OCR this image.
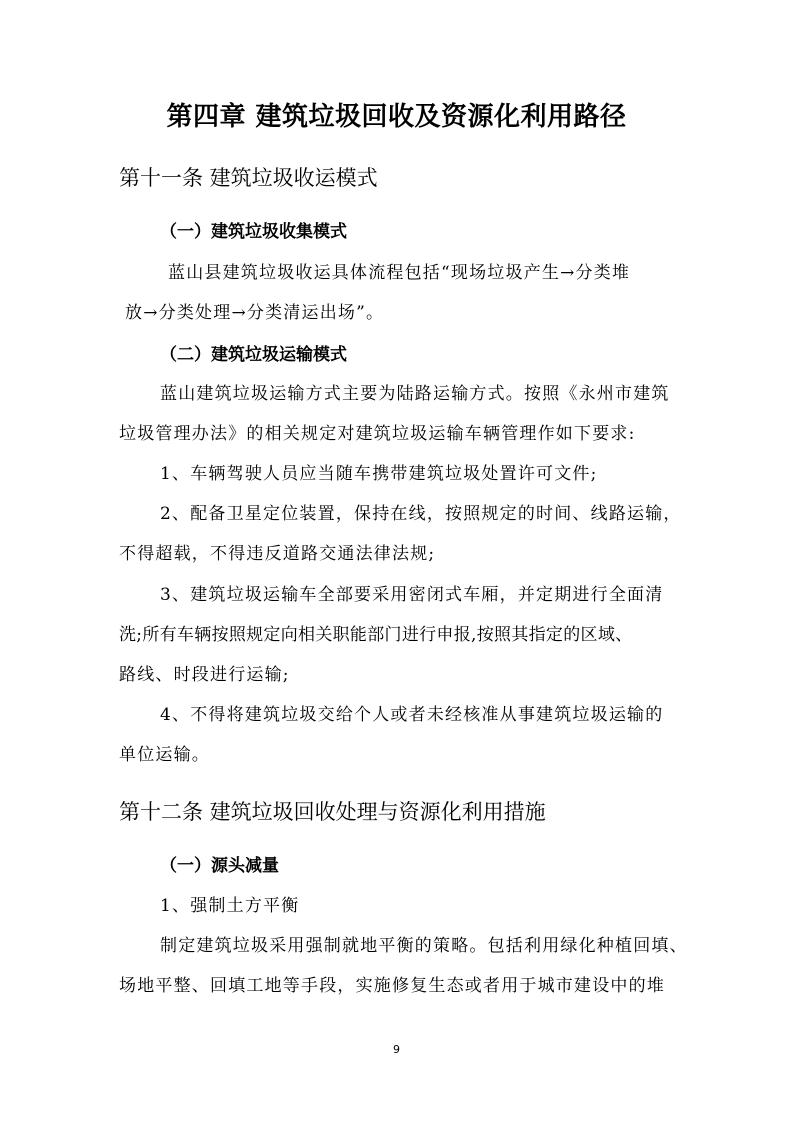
第四章 建筑垃圾回收及资源化利用路径
第十一条 建筑垃圾收运模式
（一）建筑垃圾收集模式
蓝山县建筑垃圾收运具体流程包括“现场垃圾产生→分类堆
放→分类处理→分类清运出场”。
（二）建筑垃圾运输模式
蓝山建筑垃圾运输方式主要为陆路运输方式。按照《永州市建筑
垃圾管理办法》的相关规定对建筑垃圾运输车辆管理作如下要求:
1、车辆驾驶人员应当随车携带建筑垃圾处置许可文件;
2、配备卫星定位装置，保持在线，按照规定的时间、线路运输，
不得超载，不得违反道路交通法律法规;
3、建筑垃圾运输车全部要采用密闭式车厢，并定期进行全面清
洗;所有车辆按照规定向相关职能部门进行申报,按照其指定的区域、
路线、时段进行运输;
4、不得将建筑垃圾交给个人或者未经核准从事建筑垃圾运输的
单位运输。
第十二条 建筑垃圾回收处理与资源化利用措施
（一）源头减量
1、强制土方平衡
制定建筑垃圾采用强制就地平衡的策略。包括利用绿化种植回填、
场地平整、回填工地等手段，实施修复生态或者用于城市建设中的堆
9
